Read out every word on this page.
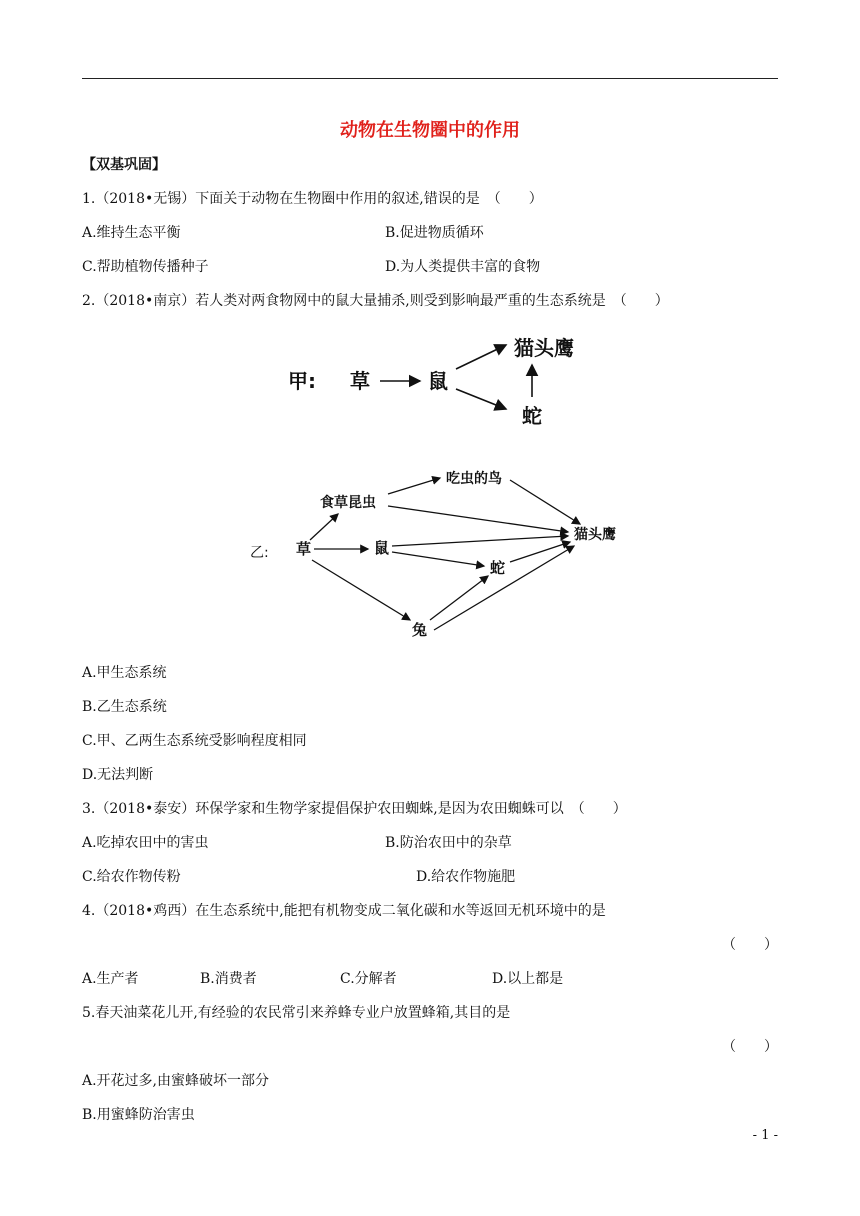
动物在生物圈中的作用
【双基巩固】
1.（2018•无锡）下面关于动物在生物圈中作用的叙述,错误的是　（　　）
A.维持生态平衡	B.促进物质循环
C.帮助植物传播种子	D.为人类提供丰富的食物
2.（2018•南京）若人类对两食物网中的鼠大量捕杀,则受到影响最严重的生态系统是　（　　）
甲: 草	鼠
猫头鹰
蛇
乙: 草
食草昆虫
吃虫的鸟
鼠
蛇
兔
猫头鹰
A.甲生态系统
B.乙生态系统
C.甲、乙两生态系统受影响程度相同
D.无法判断
3.（2018•泰安）环保学家和生物学家提倡保护农田蜘蛛,是因为农田蜘蛛可以　（　　）
A.吃掉农田中的害虫	B.防治农田中的杂草
C.给农作物传粉	D.给农作物施肥
4.（2018•鸡西）在生态系统中,能把有机物变成二氧化碳和水等返回无机环境中的是
（　　）
A.生产者	B.消费者	C.分解者	D.以上都是
5.春天油菜花儿开,有经验的农民常引来养蜂专业户放置蜂箱,其目的是
（　　）
A.开花过多,由蜜蜂破坏一部分
B.用蜜蜂防治害虫
- 1 -
